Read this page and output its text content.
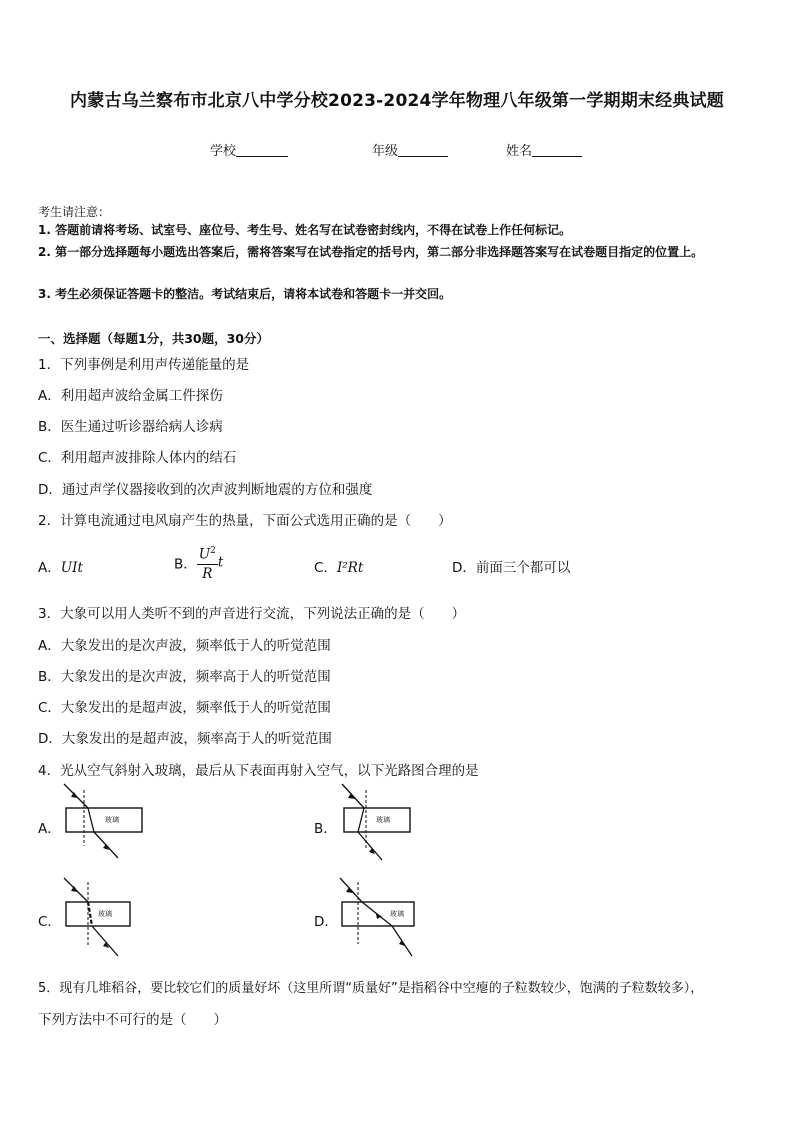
内蒙古乌兰察布市北京八中学分校2023-2024学年物理八年级第一学期期末经典试题
学校	年级	姓名
考生请注意：
1. 答题前请将考场、试室号、座位号、考生号、姓名写在试卷密封线内，不得在试卷上作任何标记。
2. 第一部分选择题每小题选出答案后，需将答案写在试卷指定的括号内，第二部分非选择题答案写在试卷题目指定的位置上。
3. 考生必须保证答题卡的整洁。考试结束后，请将本试卷和答题卡一并交回。
一、选择题（每题1分，共30题，30分）
1．下列事例是利用声传递能量的是
A．利用超声波给金属工件探伤
B．医生通过听诊器给病人诊病
C．利用超声波排除人体内的结石
D．通过声学仪器接收到的次声波判断地震的方位和强度
2．计算电流通过电风扇产生的热量，下面公式选用正确的是（　　）
A．UIt	B． $\frac{U^2}{R}$ t	C．I²Rt	D．前面三个都可以
3．大象可以用人类听不到的声音进行交流，下列说法正确的是（　　）
A．大象发出的是次声波，频率低于人的听觉范围
B．大象发出的是次声波，频率高于人的听觉范围
C．大象发出的是超声波，频率低于人的听觉范围
D．大象发出的是超声波，频率高于人的听觉范围
4．光从空气斜射入玻璃，最后从下表面再射入空气，以下光路图合理的是
A．
玻璃
B．
玻璃
C．	玻璃	D．	玻璃
5．现有几堆稻谷，要比较它们的质量好坏（这里所谓“质量好”是指稻谷中空瘪的子粒数较少，饱满的子粒数较多），
下列方法中不可行的是（　　）
